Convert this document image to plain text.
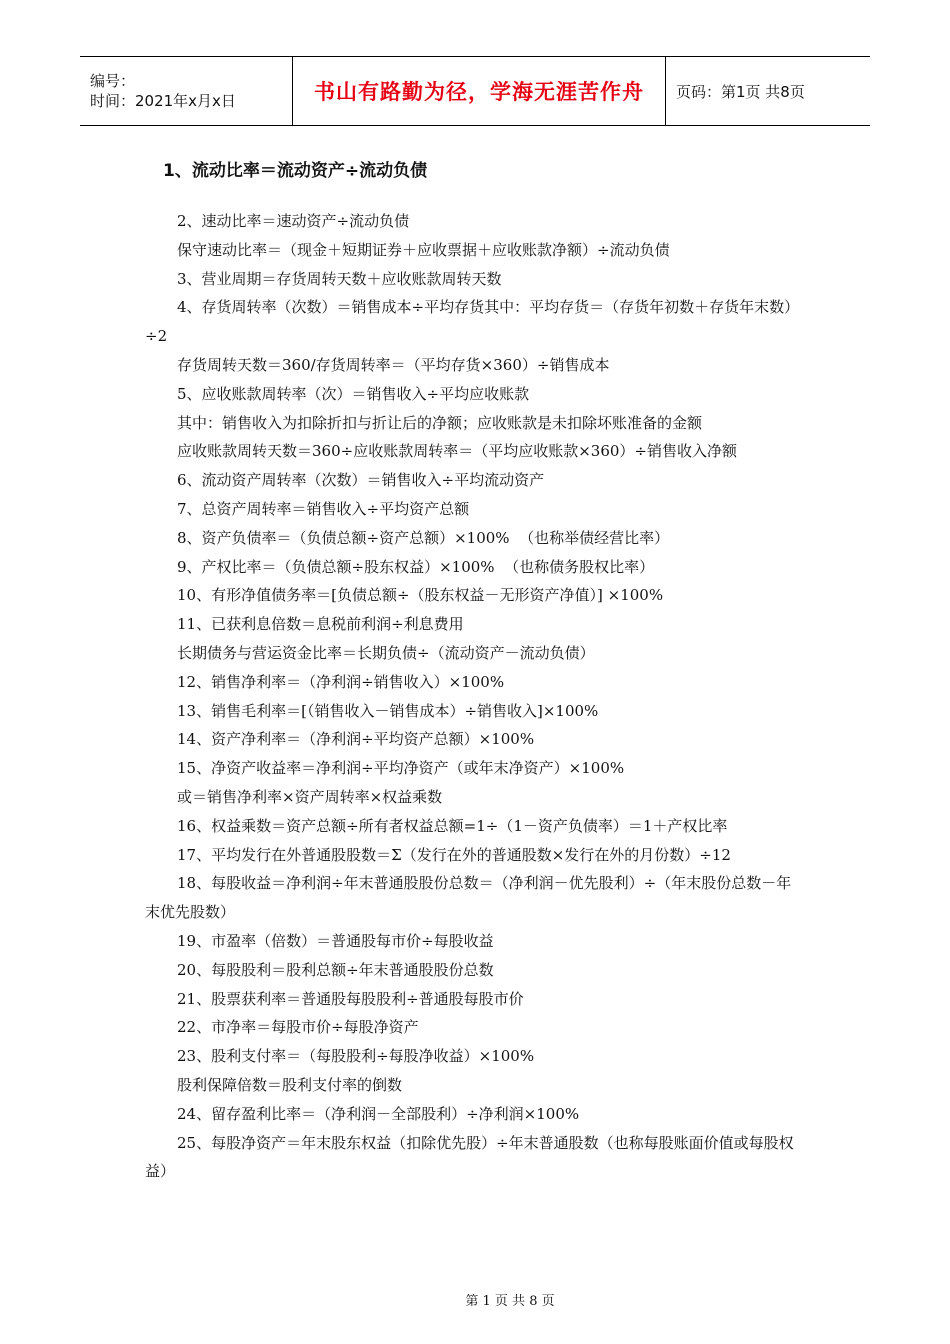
编号：
时间：2021年x月x日	书山有路勤为径，学海无涯苦作舟 页码：第1页 共8页
1、流动比率＝流动资产÷流动负债
2、速动比率＝速动资产÷流动负债
保守速动比率＝（现金＋短期证券＋应收票据＋应收账款净额）÷流动负债
3、营业周期＝存货周转天数＋应收账款周转天数
4、存货周转率（次数）＝销售成本÷平均存货其中：平均存货＝（存货年初数＋存货年末数）÷2
存货周转天数＝360/存货周转率＝（平均存货×360）÷销售成本
5、应收账款周转率（次）＝销售收入÷平均应收账款
其中：销售收入为扣除折扣与折让后的净额；应收账款是未扣除坏账准备的金额
应收账款周转天数＝360÷应收账款周转率＝（平均应收账款×360）÷销售收入净额
6、流动资产周转率（次数）＝销售收入÷平均流动资产
7、总资产周转率＝销售收入÷平均资产总额
8、资产负债率＝（负债总额÷资产总额）×100%  （也称举债经营比率）
9、产权比率＝（负债总额÷股东权益）×100%  （也称债务股权比率）
10、有形净值债务率＝[负债总额÷（股东权益－无形资产净值）] ×100%
11、已获利息倍数＝息税前利润÷利息费用
长期债务与营运资金比率＝长期负债÷（流动资产－流动负债）
12、销售净利率＝（净利润÷销售收入）×100%
13、销售毛利率＝[（销售收入－销售成本）÷销售收入]×100%
14、资产净利率＝（净利润÷平均资产总额）×100%
15、净资产收益率＝净利润÷平均净资产（或年末净资产）×100%
或＝销售净利率×资产周转率×权益乘数
16、权益乘数＝资产总额÷所有者权益总额=1÷（1－资产负债率）＝1＋产权比率
17、平均发行在外普通股股数＝Σ（发行在外的普通股数×发行在外的月份数）÷12
18、每股收益＝净利润÷年末普通股股份总数＝（净利润－优先股利）÷（年末股份总数－年末优先股数）
19、市盈率（倍数）＝普通股每市价÷每股收益
20、每股股利＝股利总额÷年末普通股股份总数
21、股票获利率＝普通股每股股利÷普通股每股市价
22、市净率＝每股市价÷每股净资产
23、股利支付率＝（每股股利÷每股净收益）×100%
股利保障倍数＝股利支付率的倒数
24、留存盈利比率＝（净利润－全部股利）÷净利润×100%
25、每股净资产＝年末股东权益（扣除优先股）÷年末普通股数（也称每股账面价值或每股权益）
第 1 页 共 8 页
